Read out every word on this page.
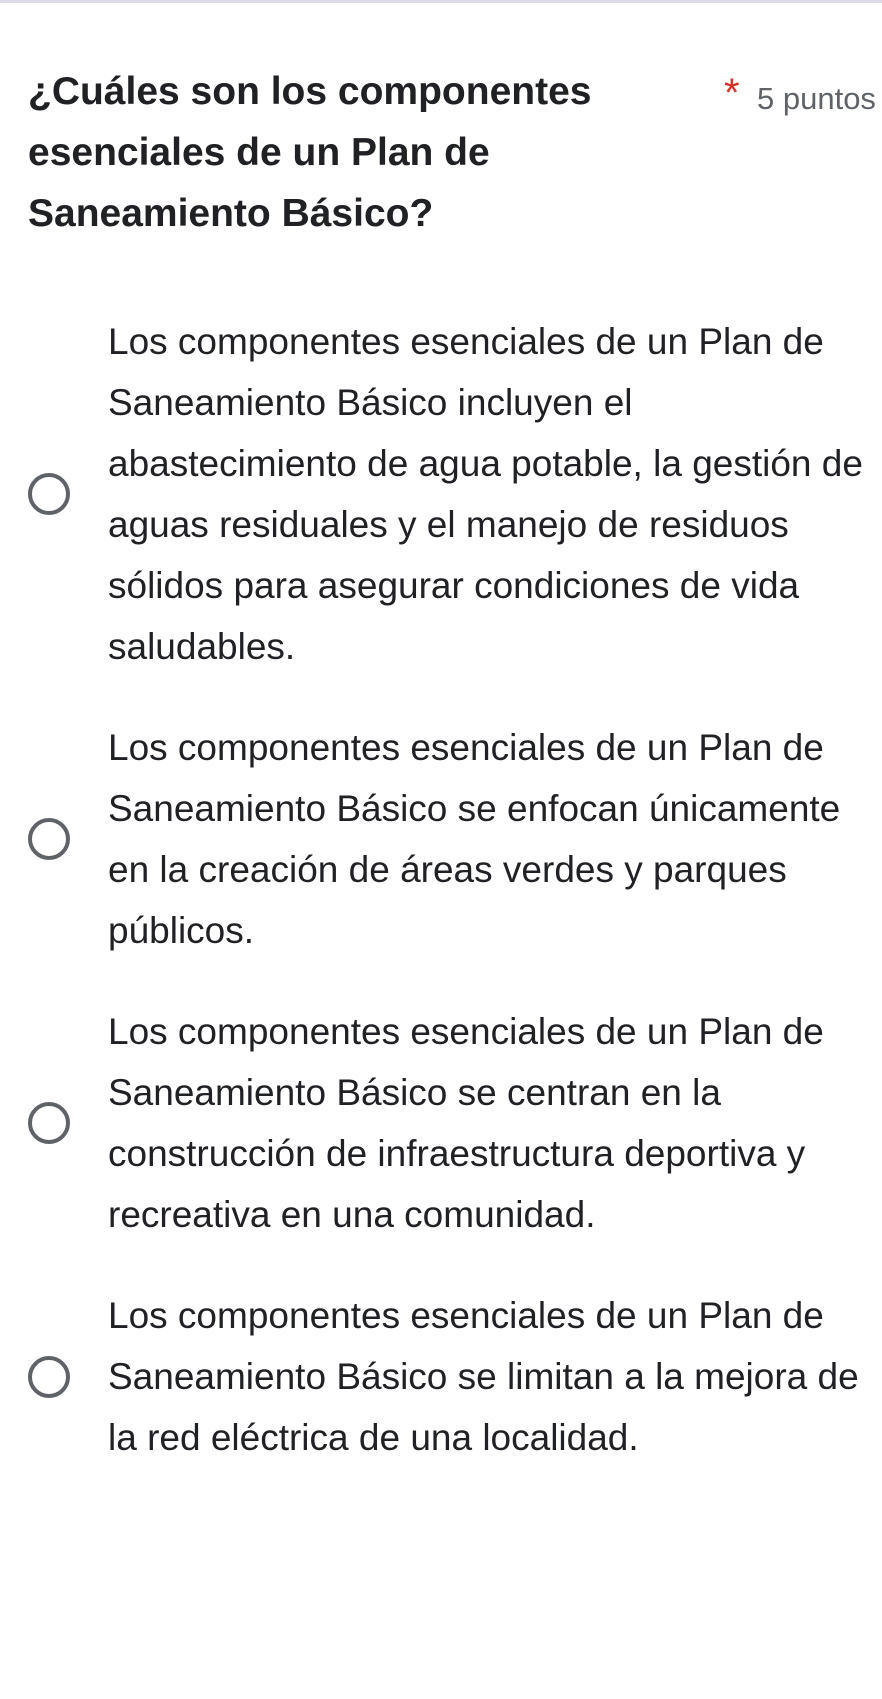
¿Cuáles son los componentes esenciales de un Plan de Saneamiento Básico?
* 5 puntos

Los componentes esenciales de un Plan de Saneamiento Básico incluyen el abastecimiento de agua potable, la gestión de aguas residuales y el manejo de residuos sólidos para asegurar condiciones de vida saludables.

Los componentes esenciales de un Plan de Saneamiento Básico se enfocan únicamente en la creación de áreas verdes y parques públicos.

Los componentes esenciales de un Plan de Saneamiento Básico se centran en la construcción de infraestructura deportiva y recreativa en una comunidad.

Los componentes esenciales de un Plan de Saneamiento Básico se limitan a la mejora de la red eléctrica de una localidad.
